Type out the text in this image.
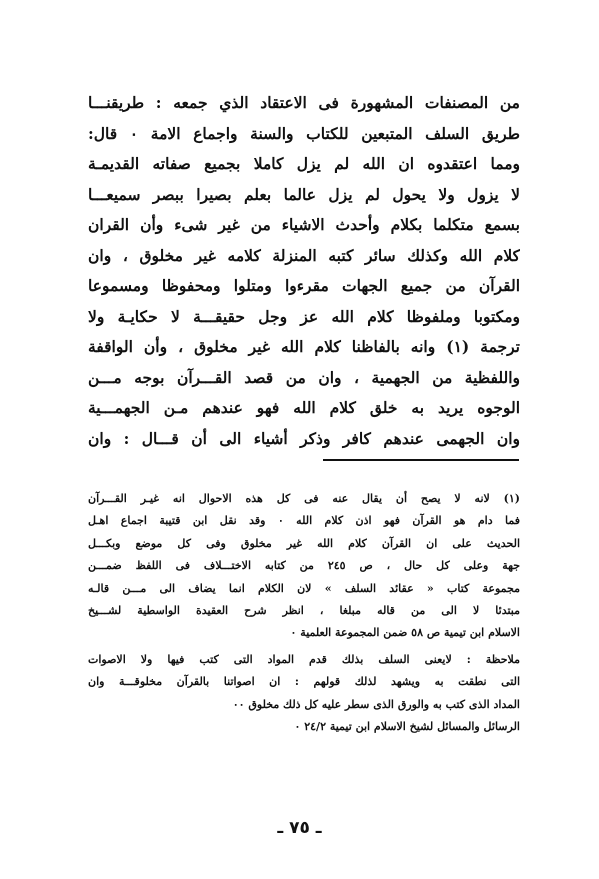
من المصنفات المشهورة فى الاعتقاد الذي جمعه : طريقنـــا
طريق السلف المتبعين للكتاب والسنة واجماع الامة ٠ قال:
ومما اعتقدوه ان الله لم يزل كاملا بجميع صفاته القديمـة
لا يزول ولا يحول لم يزل عالما بعلم بصيرا ببصر سميعـــا
بسمع متكلما بكلام وأحدث الاشياء من غير شىء وأن القران
كلام الله وكذلك سائر كتبه المنزلة كلامه غير مخلوق ، وان
القرآن من جميع الجهات مقرءوا ومتلوا ومحفوظا ومسموعا
ومكتوبا وملفوظا كلام الله عز وجل حقيقـــة لا حكايـة ولا
ترجمة (١) وانه بالفاظنا كلام الله غير مخلوق ، وأن الواقفة
واللفظية من الجهمية ، وان من قصد القـــرآن بوجه مـــن
الوجوه يريد به خلق كلام الله فهو عندهم مـن الجهمـــية
وان الجهمى عندهم كافر وذكر أشياء الى أن قـــال : وان
(١) لانه لا يصح أن يقال عنه فى كل هذه الاحوال انه غيـر القـــرآن
فما دام هو القرآن فهو اذن كلام الله ٠ وقد نقل ابن قتيبة اجماع اهـل
الحديث على ان القرآن كلام الله غير مخلوق وفى كل موضع وبكـــل
جهة وعلى كل حال ، ص ٢٤٥ من كتابه الاختـــلاف فى اللفظ ضمـــن
مجموعة كتاب « عقائد السلف » لان الكلام انما يضاف الى مـــن قالـه
مبتدئا لا الى من قاله مبلغا ، انظر شرح العقيدة الواسطية لشـــيخ
الاسلام ابن تيمية ص ٥٨ ضمن المجموعة العلمية ٠
ملاحظة : لايعنى السلف بذلك قدم المواد التى كتب فيها ولا الاصوات
التى نطقت به ويشهد لذلك قولهم : ان اصواتنا بالقرآن مخلوقـــة وان
المداد الذى كتب به والورق الذى سطر عليه كل ذلك مخلوق ٠٠
الرسائل والمسائل لشيخ الاسلام ابن تيمية ٢٤/٢ ٠
ـ ٧٥ ـ
